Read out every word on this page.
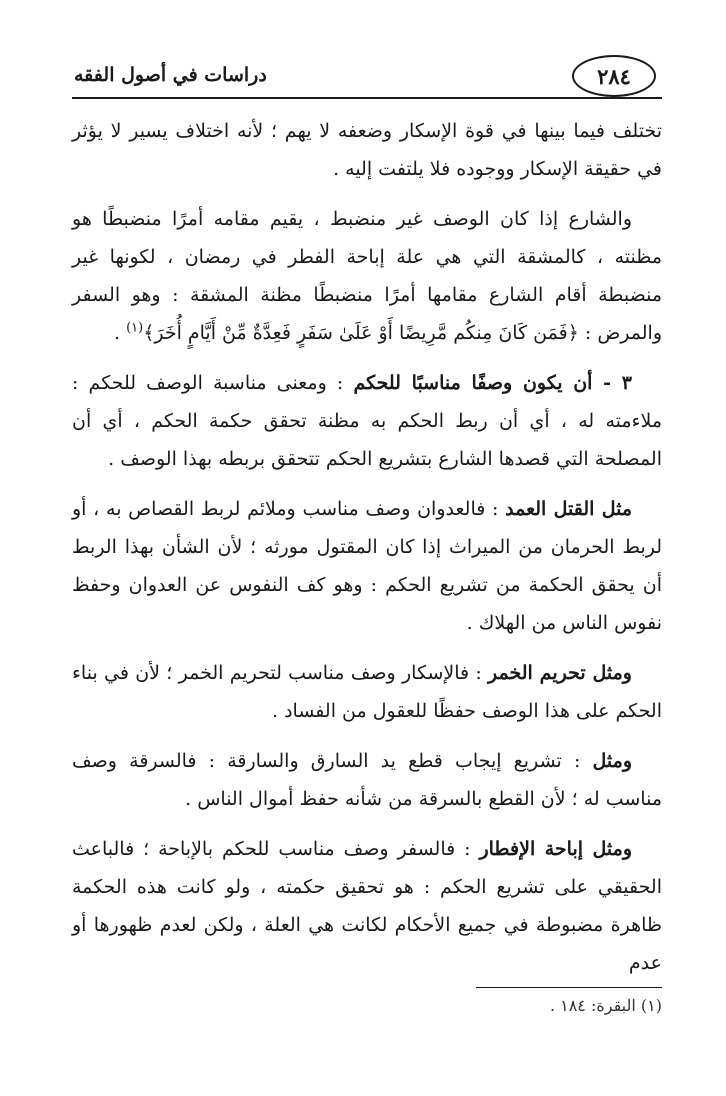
٢٨٤
دراسات في أصول الفقه

تختلف فيما بينها في قوة الإسكار وضعفه لا يهم ؛ لأنه اختلاف يسير لا يؤثر في حقيقة الإسكار ووجوده فلا يلتفت إليه .

والشارع إذا كان الوصف غير منضبط ، يقيم مقامه أمرًا منضبطًا هو مظنته ، كالمشقة التي هي علة إباحة الفطر في رمضان ، لكونها غير منضبطة أقام الشارع مقامها أمرًا منضبطًا مظنة المشقة : وهو السفر والمرض : ﴿فَمَن كَانَ مِنكُم مَّرِيضًا أَوْ عَلَىٰ سَفَرٍ فَعِدَّةٌ مِّنْ أَيَّامٍ أُخَرَ﴾$^{(١)}$ .

٣ - أن يكون وصفًا مناسبًا للحكم : ومعنى مناسبة الوصف للحكم : ملاءمته له ، أي أن ربط الحكم به مظنة تحقق حكمة الحكم ، أي أن المصلحة التي قصدها الشارع بتشريع الحكم تتحقق بربطه بهذا الوصف .

مثل القتل العمد : فالعدوان وصف مناسب وملائم لربط القصاص به ، أو لربط الحرمان من الميراث إذا كان المقتول مورثه ؛ لأن الشأن بهذا الربط أن يحقق الحكمة من تشريع الحكم : وهو كف النفوس عن العدوان وحفظ نفوس الناس من الهلاك .

ومثل تحريم الخمر : فالإسكار وصف مناسب لتحريم الخمر ؛ لأن في بناء الحكم على هذا الوصف حفظًا للعقول من الفساد .

ومثل : تشريع إيجاب قطع يد السارق والسارقة : فالسرقة وصف مناسب له ؛ لأن القطع بالسرقة من شأنه حفظ أموال الناس .

ومثل إباحة الإفطار : فالسفر وصف مناسب للحكم بالإباحة ؛ فالباعث الحقيقي على تشريع الحكم : هو تحقيق حكمته ، ولو كانت هذه الحكمة ظاهرة مضبوطة في جميع الأحكام لكانت هي العلة ، ولكن لعدم ظهورها أو عدم

(١) البقرة: ١٨٤ .
